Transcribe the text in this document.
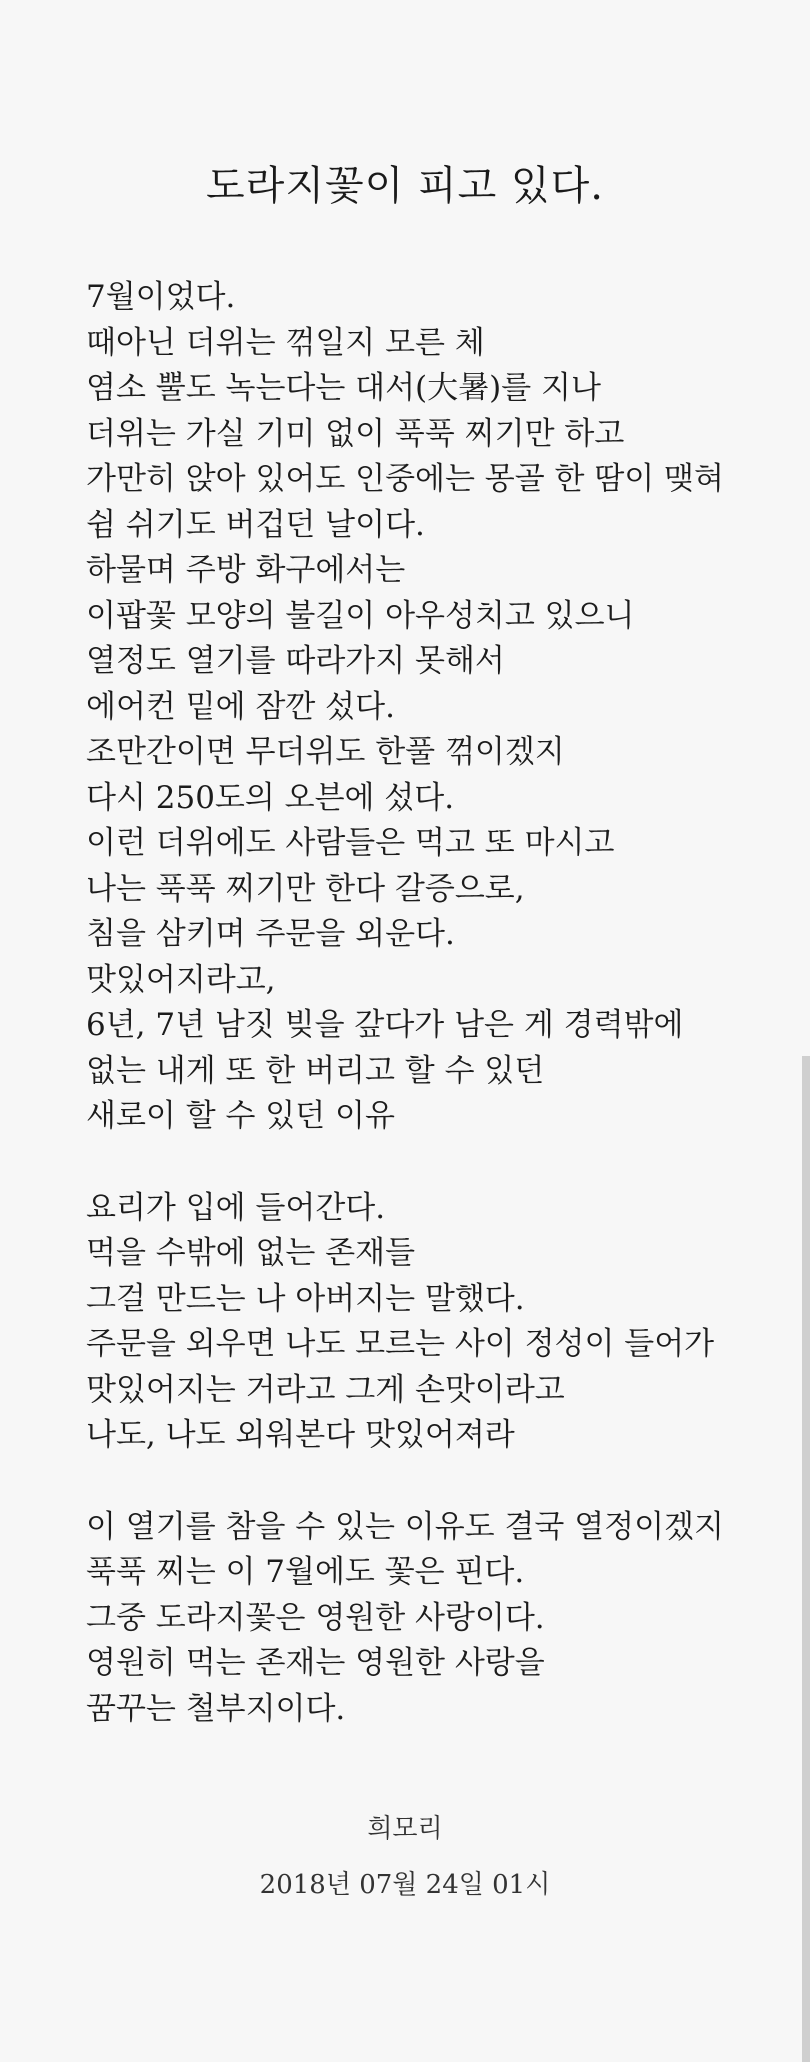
도라지꽃이 피고 있다.
7월이었다.
때아닌 더위는 꺾일지 모른 체
염소 뿔도 녹는다는 대서(大暑)를 지나
더위는 가실 기미 없이 푹푹 찌기만 하고
가만히 앉아 있어도 인중에는 몽골 한 땀이 맺혀
쉼 쉬기도 버겁던 날이다.
하물며 주방 화구에서는
이팝꽃 모양의 불길이 아우성치고 있으니
열정도 열기를 따라가지 못해서
에어컨 밑에 잠깐 섰다.
조만간이면 무더위도 한풀 꺾이겠지
다시 250도의 오븐에 섰다.
이런 더위에도 사람들은 먹고 또 마시고
나는 푹푹 찌기만 한다 갈증으로,
침을 삼키며 주문을 외운다.
맛있어지라고,
6년, 7년 남짓 빚을 갚다가 남은 게 경력밖에
없는 내게 또 한 버리고 할 수 있던
새로이 할 수 있던 이유
요리가 입에 들어간다.
먹을 수밖에 없는 존재들
그걸 만드는 나 아버지는 말했다.
주문을 외우면 나도 모르는 사이 정성이 들어가
맛있어지는 거라고 그게 손맛이라고
나도, 나도 외워본다 맛있어져라
이 열기를 참을 수 있는 이유도 결국 열정이겠지
푹푹 찌는 이 7월에도 꽃은 핀다.
그중 도라지꽃은 영원한 사랑이다.
영원히 먹는 존재는 영원한 사랑을
꿈꾸는 철부지이다.
희모리
2018년 07월 24일 01시
